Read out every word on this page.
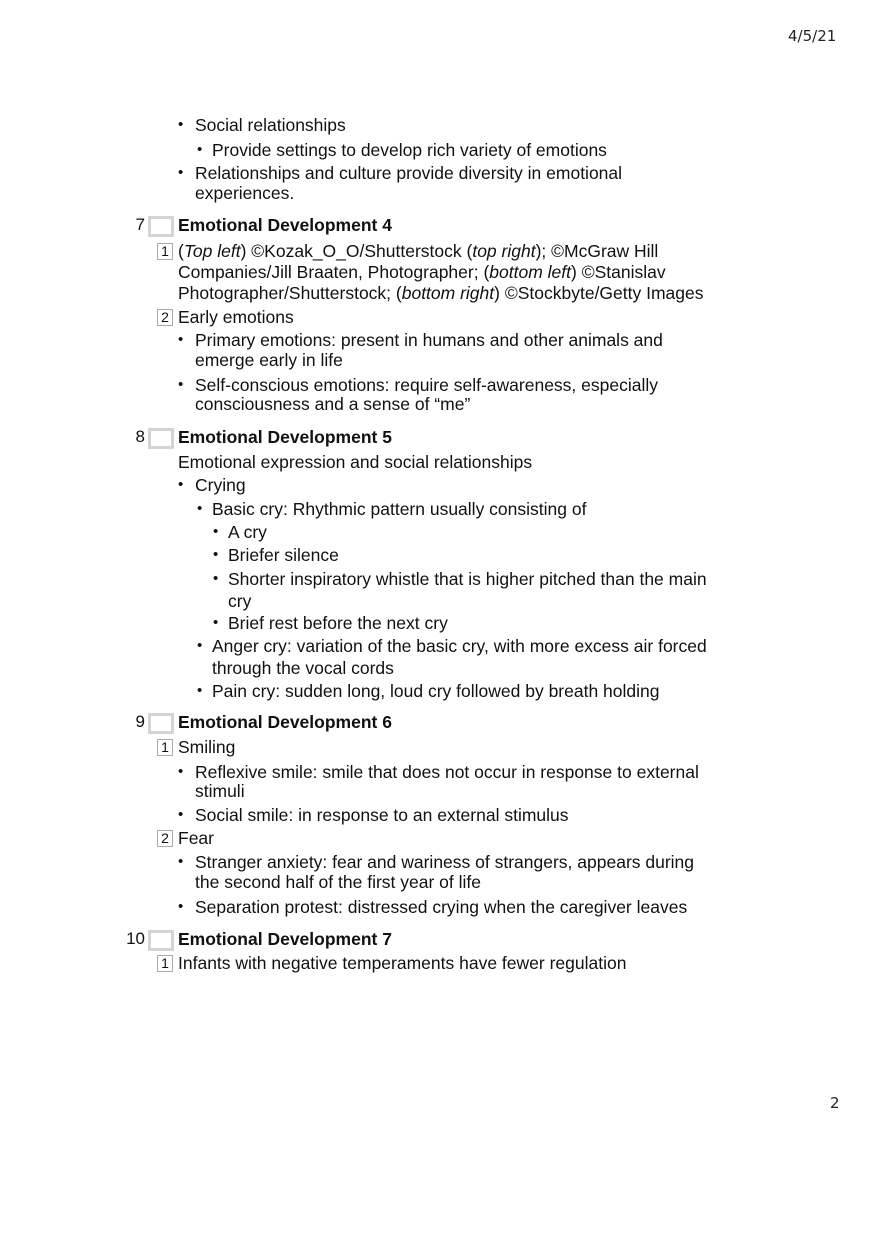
4/5/21
2
• Social relationships
• Provide settings to develop rich variety of emotions
• Relationships and culture provide diversity in emotional
experiences.
7 Emotional Development 4
1 (Top left) ©Kozak_O_O/Shutterstock (top right); ©McGraw Hill
Companies/Jill Braaten, Photographer; (bottom left) ©Stanislav
Photographer/Shutterstock; (bottom right) ©Stockbyte/Getty Images
2 Early emotions
• Primary emotions: present in humans and other animals and
emerge early in life
• Self-conscious emotions: require self-awareness, especially
consciousness and a sense of “me”
8 Emotional Development 5
Emotional expression and social relationships
• Crying
• Basic cry: Rhythmic pattern usually consisting of
• A cry
• Briefer silence
• Shorter inspiratory whistle that is higher pitched than the main
cry
• Brief rest before the next cry
• Anger cry: variation of the basic cry, with more excess air forced
through the vocal cords
• Pain cry: sudden long, loud cry followed by breath holding
9 Emotional Development 6
1 Smiling
• Reflexive smile: smile that does not occur in response to external
stimuli
• Social smile: in response to an external stimulus
2 Fear
• Stranger anxiety: fear and wariness of strangers, appears during
the second half of the first year of life
• Separation protest: distressed crying when the caregiver leaves
10 Emotional Development 7
1 Infants with negative temperaments have fewer regulation
